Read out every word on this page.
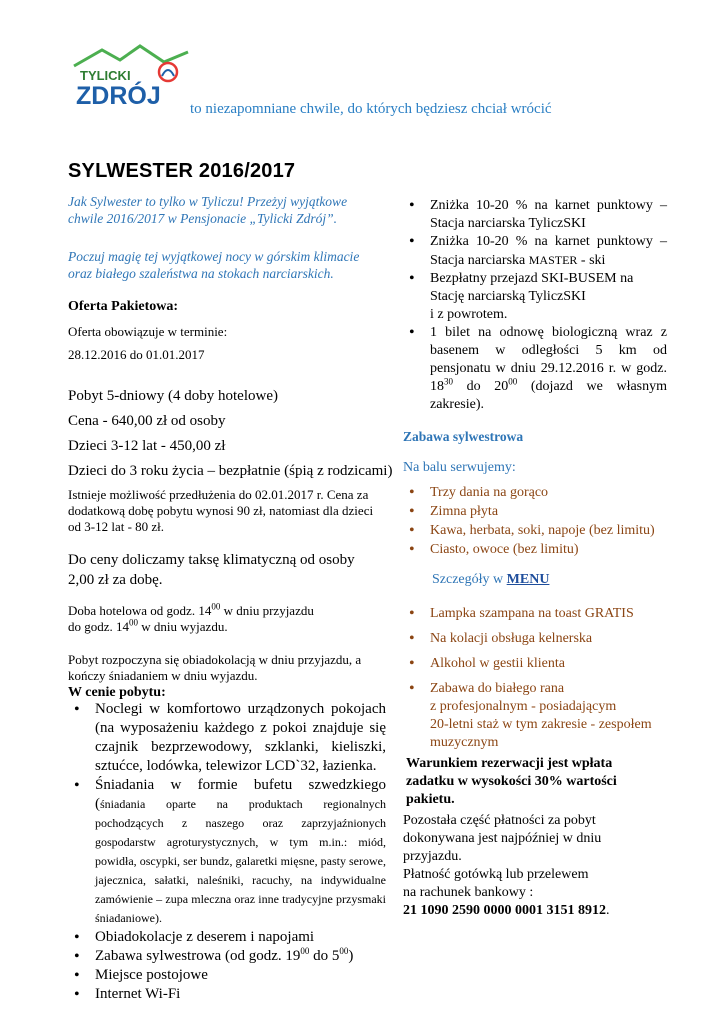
TYLICKI
ZDRÓJ to niezapomniane chwile, do których będziesz chciał wrócić
SYLWESTER 2016/2017
Jak Sylwester to tylko w Tyliczu! Przeżyj wyjątkowe chwile 2016/2017 w Pensjonacie „Tylicki Zdrój”.
Poczuj magię tej wyjątkowej nocy w górskim klimacie oraz białego szaleństwa na stokach narciarskich.
Oferta Pakietowa:
Oferta obowiązuje w terminie:
28.12.2016 do 01.01.2017
Pobyt 5-dniowy (4 doby hotelowe)
Cena - 640,00 zł od osoby
Dzieci 3-12 lat - 450,00 zł
Dzieci do 3 roku życia – bezpłatnie (śpią z rodzicami)
Istnieje możliwość przedłużenia do 02.01.2017 r. Cena za dodatkową dobę pobytu wynosi 90 zł, natomiast dla dzieci od 3-12 lat - 80 zł.
Do ceny doliczamy taksę klimatyczną od osoby 2,00 zł za dobę.
Doba hotelowa od godz. $14^{00}$ w dniu przyjazdu
do godz. $14^{00}$ w dniu wyjazdu.
Pobyt rozpoczyna się obiadokolacją w dniu przyjazdu, a kończy śniadaniem w dniu wyjazdu.
W cenie pobytu:
• Noclegi w komfortowo urządzonych pokojach (na wyposażeniu każdego z pokoi znajduje się czajnik bezprzewodowy, szklanki, kieliszki, sztućce, lodówka, telewizor LCD`32, łazienka.
• Śniadania w formie bufetu szwedzkiego (śniadania oparte na produktach regionalnych pochodzących z naszego oraz zaprzyjaźnionych gospodarstw agroturystycznych, w tym m.in.: miód, powidła, oscypki, ser bundz, galaretki mięsne, pasty serowe, jajecznica, sałatki, naleśniki, racuchy, na indywidualne zamówienie – zupa mleczna oraz inne tradycyjne przysmaki śniadaniowe).
• Obiadokolacje z deserem i napojami
• Zabawa sylwestrowa (od godz. $19^{00}$ do $5^{00}$)
• Miejsce postojowe
• Internet Wi-Fi
• Zniżka 10-20 % na karnet punktowy – Stacja narciarska TyliczSKI
• Zniżka 10-20 % na karnet punktowy – Stacja narciarska MASTER - ski
• Bezpłatny przejazd SKI-BUSEM na
Stację narciarską TyliczSKI
i z powrotem.
• 1 bilet na odnowę biologiczną wraz z basenem w odległości 5 km od pensjonatu w dniu 29.12.2016 r. w godz. $18^{30}$ do $20^{00}$ (dojazd we własnym zakresie).
Zabawa sylwestrowa
Na balu serwujemy:
• Trzy dania na gorąco
• Zimna płyta
• Kawa, herbata, soki, napoje (bez limitu)
• Ciasto, owoce (bez limitu)
Szczegóły w MENU
• Lampka szampana na toast GRATIS
• Na kolacji obsługa kelnerska
• Alkohol w gestii klienta
• Zabawa do białego rana
z profesjonalnym - posiadającym
20-letni staż w tym zakresie - zespołem muzycznym
Warunkiem rezerwacji jest wpłata zadatku w wysokości 30% wartości pakietu.
Pozostała część płatności za pobyt dokonywana jest najpóźniej w dniu przyjazdu.
Płatność gotówką lub przelewem
na rachunek bankowy :
21 1090 2590 0000 0001 3151 8912.
